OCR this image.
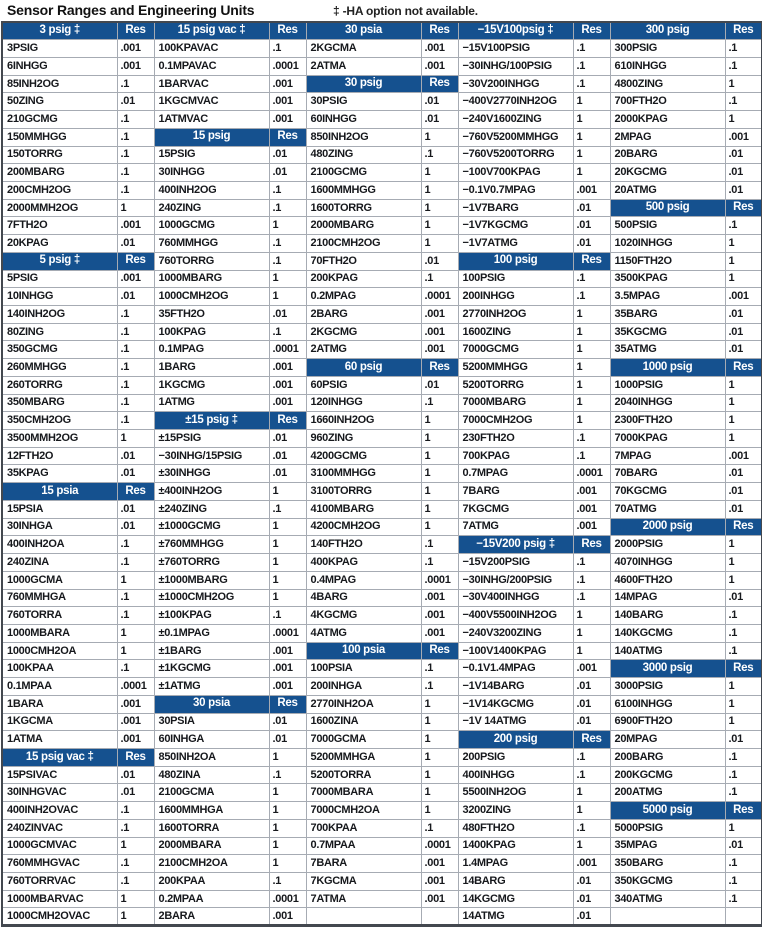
Sensor Ranges and Engineering Units	‡ -HA option not available.
3 psig ‡	Res	15 psig vac ‡	Res	30 psia	Res	−15V100psig ‡	Res	300 psig	Res
3PSIG	.001	100KPAVAC	.1	2KGCMA	.001	−15V100PSIG	.1	300PSIG	.1
6INHGG	.001	0.1MPAVAC	.0001	2ATMA	.001	−30INHG/100PSIG	.1	610INHGG	.1
85INH2OG	.1	1BARVAC	.001	30 psig	Res	−30V200INHGG	.1	4800ZING	1
50ZING	.01	1KGCMVAC	.001	30PSIG	.01	−400V2770INH2OG	1	700FTH2O	.1
210GCMG	.1	1ATMVAC	.001	60INHGG	.01	−240V1600ZING	1	2000KPAG	1
150MMHGG	.1	15 psig	Res	850INH2OG	1	−760V5200MMHGG	1	2MPAG	.001
150TORRG	.1	15PSIG	.01	480ZING	.1	−760V5200TORRG	1	20BARG	.01
200MBARG	.1	30INHGG	.01	2100GCMG	1	−100V700KPAG	1	20KGCMG	.01
200CMH2OG	.1	400INH2OG	.1	1600MMHGG	1	−0.1V0.7MPAG	.001	20ATMG	.01
2000MMH2OG	1	240ZING	.1	1600TORRG	1	−1V7BARG	.01	500 psig	Res
7FTH2O	.001	1000GCMG	1	2000MBARG	1	−1V7KGCMG	.01	500PSIG	.1
20KPAG	.01	760MMHGG	.1	2100CMH2OG	1	−1V7ATMG	.01	1020INHGG	1
5 psig ‡	Res	760TORRG	.1	70FTH2O	.01	100 psig	Res	1150FTH2O	1
5PSIG	.001	1000MBARG	1	200KPAG	.1	100PSIG	.1	3500KPAG	1
10INHGG	.01	1000CMH2OG	1	0.2MPAG	.0001	200INHGG	.1	3.5MPAG	.001
140INH2OG	.1	35FTH2O	.01	2BARG	.001	2770INH2OG	1	35BARG	.01
80ZING	.1	100KPAG	.1	2KGCMG	.001	1600ZING	1	35KGCMG	.01
350GCMG	.1	0.1MPAG	.0001	2ATMG	.001	7000GCMG	1	35ATMG	.01
260MMHGG	.1	1BARG	.001	60 psig	Res	5200MMHGG	1	1000 psig	Res
260TORRG	.1	1KGCMG	.001	60PSIG	.01	5200TORRG	1	1000PSIG	1
350MBARG	.1	1ATMG	.001	120INHGG	.1	7000MBARG	1	2040INHGG	1
350CMH2OG	.1	±15 psig ‡	Res	1660INH2OG	1	7000CMH2OG	1	2300FTH2O	1
3500MMH2OG	1	±15PSIG	.01	960ZING	1	230FTH2O	.1	7000KPAG	1
12FTH2O	.01	−30INHG/15PSIG	.01	4200GCMG	1	700KPAG	.1	7MPAG	.001
35KPAG	.01	±30INHGG	.01	3100MMHGG	1	0.7MPAG	.0001	70BARG	.01
15 psia	Res	±400INH2OG	1	3100TORRG	1	7BARG	.001	70KGCMG	.01
15PSIA	.01	±240ZING	.1	4100MBARG	1	7KGCMG	.001	70ATMG	.01
30INHGA	.01	±1000GCMG	1	4200CMH2OG	1	7ATMG	.001	2000 psig	Res
400INH2OA	.1	±760MMHGG	1	140FTH2O	.1	−15V200 psig ‡	Res	2000PSIG	1
240ZINA	.1	±760TORRG	1	400KPAG	.1	−15V200PSIG	.1	4070INHGG	1
1000GCMA	1	±1000MBARG	1	0.4MPAG	.0001	−30INHG/200PSIG	.1	4600FTH2O	1
760MMHGA	.1	±1000CMH2OG	1	4BARG	.001	−30V400INHGG	.1	14MPAG	.01
760TORRA	.1	±100KPAG	.1	4KGCMG	.001	−400V5500INH2OG	1	140BARG	.1
1000MBARA	1	±0.1MPAG	.0001	4ATMG	.001	−240V3200ZING	1	140KGCMG	.1
1000CMH2OA	1	±1BARG	.001	100 psia	Res	−100V1400KPAG	1	140ATMG	.1
100KPAA	.1	±1KGCMG	.001	100PSIA	.1	−0.1V1.4MPAG	.001	3000 psig	Res
0.1MPAA	.0001	±1ATMG	.001	200INHGA	.1	−1V14BARG	.01	3000PSIG	1
1BARA	.001	30 psia	Res	2770INH2OA	1	−1V14KGCMG	.01	6100INHGG	1
1KGCMA	.001	30PSIA	.01	1600ZINA	1	−1V 14ATMG	.01	6900FTH2O	1
1ATMA	.001	60INHGA	.01	7000GCMA	1	200 psig	Res	20MPAG	.01
15 psig vac ‡	Res	850INH2OA	1	5200MMHGA	1	200PSIG	.1	200BARG	.1
15PSIVAC	.01	480ZINA	.1	5200TORRA	1	400INHGG	.1	200KGCMG	.1
30INHGVAC	.01	2100GCMA	1	7000MBARA	1	5500INH2OG	1	200ATMG	.1
400INH2OVAC	.1	1600MMHGA	1	7000CMH2OA	1	3200ZING	1	5000 psig	Res
240ZINVAC	.1	1600TORRA	1	700KPAA	.1	480FTH2O	.1	5000PSIG	1
1000GCMVAC	1	2000MBARA	1	0.7MPAA	.0001	1400KPAG	1	35MPAG	.01
760MMHGVAC	.1	2100CMH2OA	1	7BARA	.001	1.4MPAG	.001	350BARG	.1
760TORRVAC	.1	200KPAA	.1	7KGCMA	.001	14BARG	.01	350KGCMG	.1
1000MBARVAC	1	0.2MPAA	.0001	7ATMA	.001	14KGCMG	.01	340ATMG	.1
1000CMH2OVAC	1	2BARA	.001			14ATMG	.01		
